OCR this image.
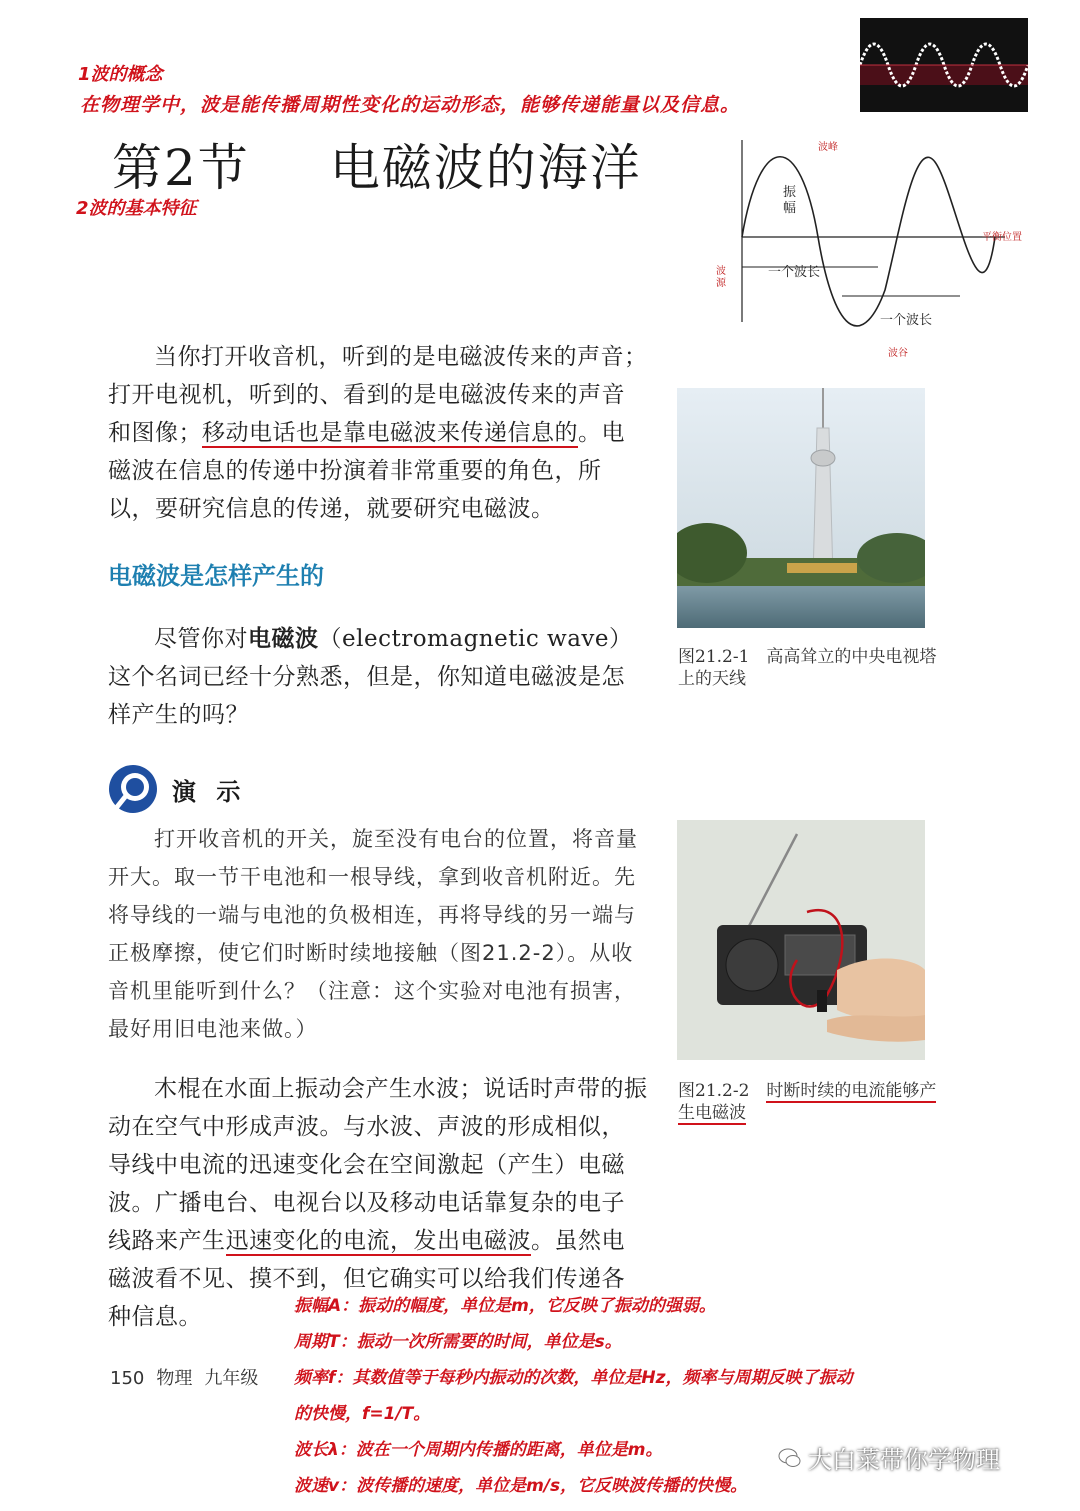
1波的概念
在物理学中，波是能传播周期性变化的运动形态，能够传递能量以及信息。
第2节 电磁波的海洋
2波的基本特征
波峰
振
幅
平衡位置
波
源
一个波长
一个波长
波谷
当你打开收音机，听到的是电磁波传来的声音；打开电视机，听到的、看到的是电磁波传来的声音和图像；移动电话也是靠电磁波来传递信息的。电磁波在信息的传递中扮演着非常重要的角色，所以，要研究信息的传递，就要研究电磁波。
图21.2-1　 高高耸立的中央电视塔上的天线
电磁波是怎样产生的
尽管你对电磁波（electromagnetic wave）这个名词已经十分熟悉，但是，你知道电磁波是怎样产生的吗？
演 示
打开收音机的开关，旋至没有电台的位置，将音量开大。取一节干电池和一根导线，拿到收音机附近。先将导线的一端与电池的负极相连，再将导线的另一端与正极摩擦，使它们时断时续地接触（图21.2-2）。从收音机里能听到什么？（注意：这个实验对电池有损害，最好用旧电池来做。）
图21.2-2　 时断时续的电流能够产生电磁波
木棍在水面上振动会产生水波；说话时声带的振动在空气中形成声波。与水波、声波的形成相似，导线中电流的迅速变化会在空间激起（产生）电磁波。广播电台、电视台以及移动电话靠复杂的电子线路来产生迅速变化的电流，发出电磁波。虽然电磁波看不见、摸不到，但它确实可以给我们传递各种信息。
150 物理 九年级
振幅A：振动的幅度，单位是m，它反映了振动的强弱。
周期T：振动一次所需要的时间，单位是s。
频率f：其数值等于每秒内振动的次数，单位是Hz，频率与周期反映了振动
的快慢，f=1/T。
波长λ：波在一个周期内传播的距离，单位是m。
波速v：波传播的速度，单位是m/s，它反映波传播的快慢。
大白菜带你学物理
